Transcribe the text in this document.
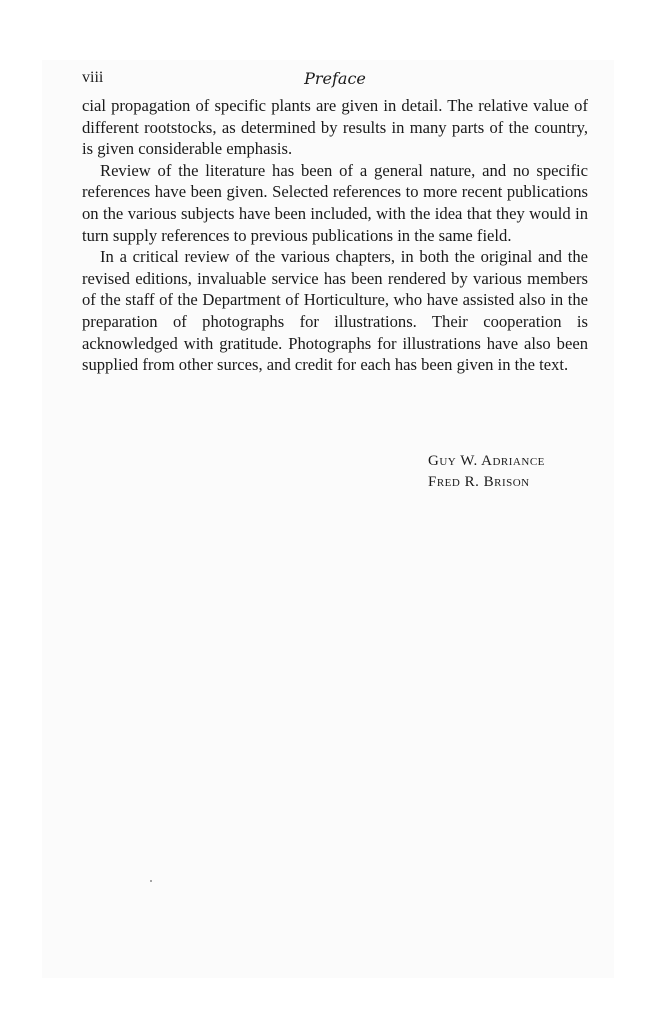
viii	Preface

cial propagation of specific plants are given in detail. The relative value of different rootstocks, as determined by results in many parts of the country, is given considerable emphasis.

Review of the literature has been of a general nature, and no specific references have been given. Selected references to more recent publications on the various subjects have been included, with the idea that they would in turn supply references to previous publications in the same field.

In a critical review of the various chapters, in both the original and the revised editions, invaluable service has been rendered by various members of the staff of the Department of Horticulture, who have assisted also in the preparation of photographs for illustrations. Their cooperation is acknowledged with gratitude. Photographs for illustrations have also been supplied from other surces, and credit for each has been given in the text.

Guy W. Adriance
Fred R. Brison
